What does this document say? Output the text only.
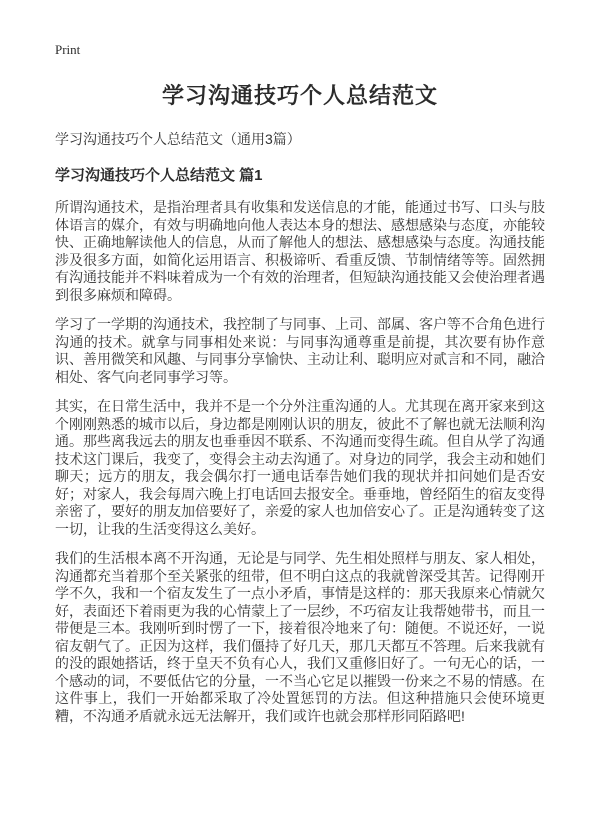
Print
学习沟通技巧个人总结范文
学习沟通技巧个人总结范文（通用3篇）
学习沟通技巧个人总结范文 篇1

所谓沟通技术，是指治理者具有收集和发送信息的才能，能通过书写、口头与肢体语言的媒介，有效与明确地向他人表达本身的想法、感想感染与态度，亦能较快、正确地解读他人的信息，从而了解他人的想法、感想感染与态度。沟通技能涉及很多方面，如简化运用语言、积极谛听、看重反馈、节制情绪等等。固然拥有沟通技能并不料味着成为一个有效的治理者，但短缺沟通技能又会使治理者遇到很多麻烦和障碍。

学习了一学期的沟通技术，我控制了与同事、上司、部属、客户等不合角色进行沟通的技术。就拿与同事相处来说：与同事沟通尊重是前提，其次要有协作意识、善用微笑和风趣、与同事分享愉快、主动让利、聪明应对贰言和不同，融洽相处、客气向老同事学习等。

其实，在日常生活中，我并不是一个分外注重沟通的人。尤其现在离开家来到这个刚刚熟悉的城市以后，身边都是刚刚认识的朋友，彼此不了解也就无法顺利沟通。那些离我远去的朋友也垂垂因不联系、不沟通而变得生疏。但自从学了沟通技术这门课后，我变了，变得会主动去沟通了。对身边的同学，我会主动和她们聊天；远方的朋友，我会偶尔打一通电话奉告她们我的现状并扣问她们是否安好；对家人，我会每周六晚上打电话回去报安全。垂垂地，曾经陌生的宿友变得亲密了，要好的朋友加倍要好了，亲爱的家人也加倍安心了。正是沟通转变了这一切，让我的生活变得这么美好。

我们的生活根本离不开沟通，无论是与同学、先生相处照样与朋友、家人相处，沟通都充当着那个至关紧张的纽带，但不明白这点的我就曾深受其苦。记得刚开学不久，我和一个宿友发生了一点小矛盾，事情是这样的：那天我原来心情就欠好，表面还下着雨更为我的心情蒙上了一层纱，不巧宿友让我帮她带书，而且一带便是三本。我刚听到时愣了一下，接着很冷地来了句：随便。不说还好，一说宿友朝气了。正因为这样，我们僵持了好几天，那几天都互不答理。后来我就有的没的跟她搭话，终于皇天不负有心人，我们又重修旧好了。一句无心的话，一个感动的词，不要低估它的分量，一不当心它足以摧毁一份来之不易的情感。在这件事上，我们一开始都采取了冷处置惩罚的方法。但这种措施只会使环境更糟，不沟通矛盾就永远无法解开，我们或许也就会那样形同陌路吧!
